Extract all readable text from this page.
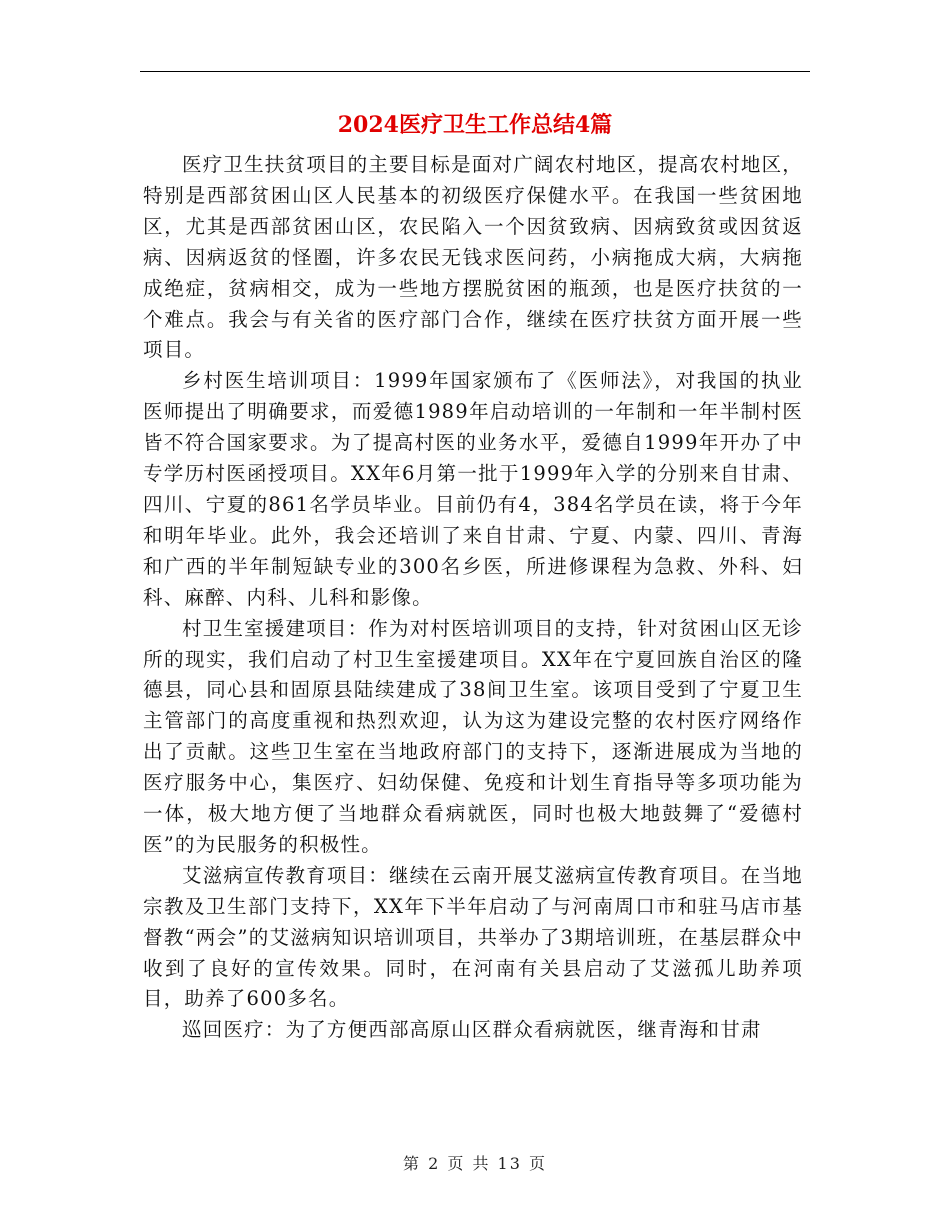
2024医疗卫生工作总结4篇

医疗卫生扶贫项目的主要目标是面对广阔农村地区，提高农村地区，特别是西部贫困山区人民基本的初级医疗保健水平。在我国一些贫困地区，尤其是西部贫困山区，农民陷入一个因贫致病、因病致贫或因贫返病、因病返贫的怪圈，许多农民无钱求医问药，小病拖成大病，大病拖成绝症，贫病相交，成为一些地方摆脱贫困的瓶颈，也是医疗扶贫的一个难点。我会与有关省的医疗部门合作，继续在医疗扶贫方面开展一些项目。

乡村医生培训项目：1999年国家颁布了《医师法》，对我国的执业医师提出了明确要求，而爱德1989年启动培训的一年制和一年半制村医皆不符合国家要求。为了提高村医的业务水平，爱德自1999年开办了中专学历村医函授项目。XX年6月第一批于1999年入学的分别来自甘肃、四川、宁夏的861名学员毕业。目前仍有4，384名学员在读，将于今年和明年毕业。此外，我会还培训了来自甘肃、宁夏、内蒙、四川、青海和广西的半年制短缺专业的300名乡医，所进修课程为急救、外科、妇科、麻醉、内科、儿科和影像。

村卫生室援建项目：作为对村医培训项目的支持，针对贫困山区无诊所的现实，我们启动了村卫生室援建项目。XX年在宁夏回族自治区的隆德县，同心县和固原县陆续建成了38间卫生室。该项目受到了宁夏卫生主管部门的高度重视和热烈欢迎，认为这为建设完整的农村医疗网络作出了贡献。这些卫生室在当地政府部门的支持下，逐渐进展成为当地的医疗服务中心，集医疗、妇幼保健、免疫和计划生育指导等多项功能为一体，极大地方便了当地群众看病就医，同时也极大地鼓舞了“爱德村医”的为民服务的积极性。

艾滋病宣传教育项目：继续在云南开展艾滋病宣传教育项目。在当地宗教及卫生部门支持下，XX年下半年启动了与河南周口市和驻马店市基督教“两会”的艾滋病知识培训项目，共举办了3期培训班，在基层群众中收到了良好的宣传效果。同时，在河南有关县启动了艾滋孤儿助养项目，助养了600多名。

巡回医疗：为了方便西部高原山区群众看病就医，继青海和甘肃

第 2 页 共 13 页
